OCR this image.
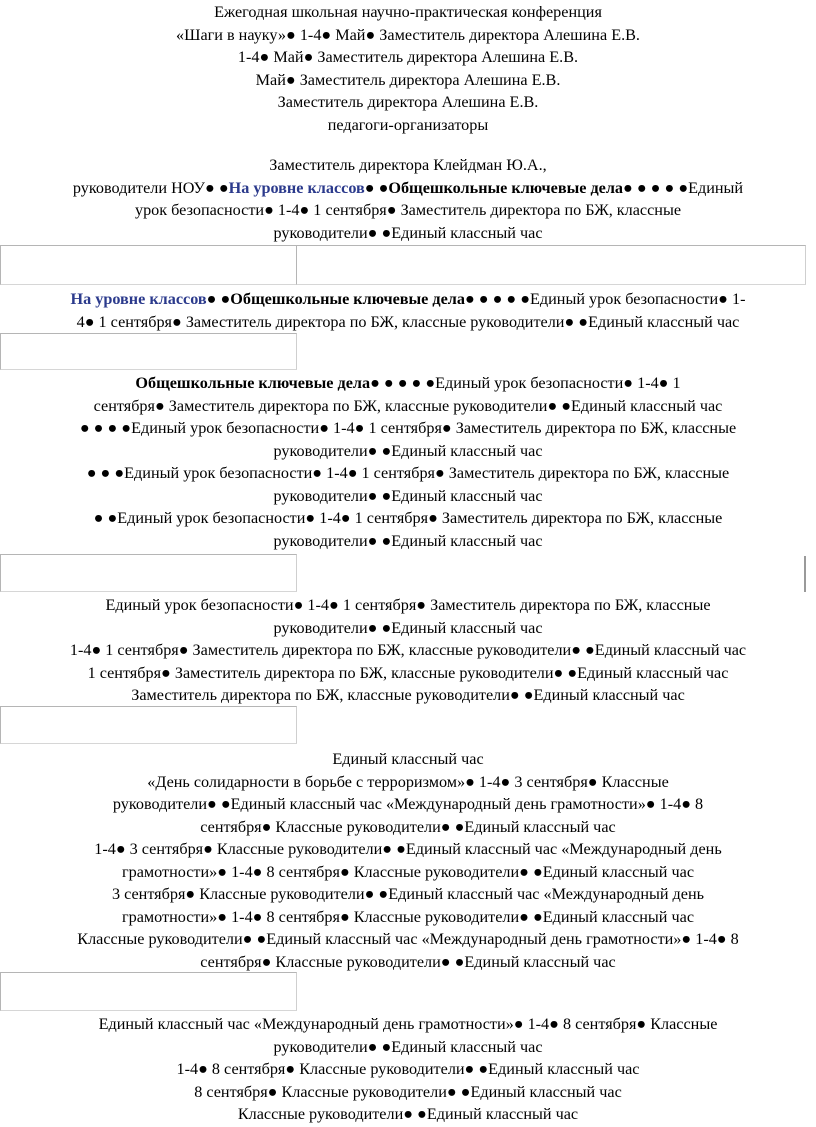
Ежегодная школьная научно-практическая конференция
«Шаги в науку»● 1-4● Май● Заместитель директора Алешина Е.В.
1-4● Май● Заместитель директора Алешина Е.В.
Май● Заместитель директора Алешина Е.В.
Заместитель директора Алешина Е.В.
педагоги-организаторы
Заместитель директора Клейдман Ю.А.,
руководители НОУ● ●На уровне классов● ●Общешкольные ключевые дела● ● ● ● ●Единый
урок безопасности● 1-4● 1 сентября● Заместитель директора по БЖ, классные
руководители● ●Единый классный час
На уровне классов● ●Общешкольные ключевые дела● ● ● ● ●Единый урок безопасности● 1-
4● 1 сентября● Заместитель директора по БЖ, классные руководители● ●Единый классный час
Общешкольные ключевые дела● ● ● ● ●Единый урок безопасности● 1-4● 1
сентября● Заместитель директора по БЖ, классные руководители● ●Единый классный час
● ● ● ●Единый урок безопасности● 1-4● 1 сентября● Заместитель директора по БЖ, классные
руководители● ●Единый классный час
● ● ●Единый урок безопасности● 1-4● 1 сентября● Заместитель директора по БЖ, классные
руководители● ●Единый классный час
● ●Единый урок безопасности● 1-4● 1 сентября● Заместитель директора по БЖ, классные
руководители● ●Единый классный час
Единый урок безопасности● 1-4● 1 сентября● Заместитель директора по БЖ, классные
руководители● ●Единый классный час
1-4● 1 сентября● Заместитель директора по БЖ, классные руководители● ●Единый классный час
1 сентября● Заместитель директора по БЖ, классные руководители● ●Единый классный час
Заместитель директора по БЖ, классные руководители● ●Единый классный час
Единый классный час
«День солидарности в борьбе с терроризмом»● 1-4● 3 сентября● Классные
руководители● ●Единый классный час «Международный день грамотности»● 1-4● 8
сентября● Классные руководители● ●Единый классный час
1-4● 3 сентября● Классные руководители● ●Единый классный час «Международный день
грамотности»● 1-4● 8 сентября● Классные руководители● ●Единый классный час
3 сентября● Классные руководители● ●Единый классный час «Международный день
грамотности»● 1-4● 8 сентября● Классные руководители● ●Единый классный час
Классные руководители● ●Единый классный час «Международный день грамотности»● 1-4● 8
сентября● Классные руководители● ●Единый классный час
Единый классный час «Международный день грамотности»● 1-4● 8 сентября● Классные
руководители● ●Единый классный час
1-4● 8 сентября● Классные руководители● ●Единый классный час
8 сентября● Классные руководители● ●Единый классный час
Классные руководители● ●Единый классный час
